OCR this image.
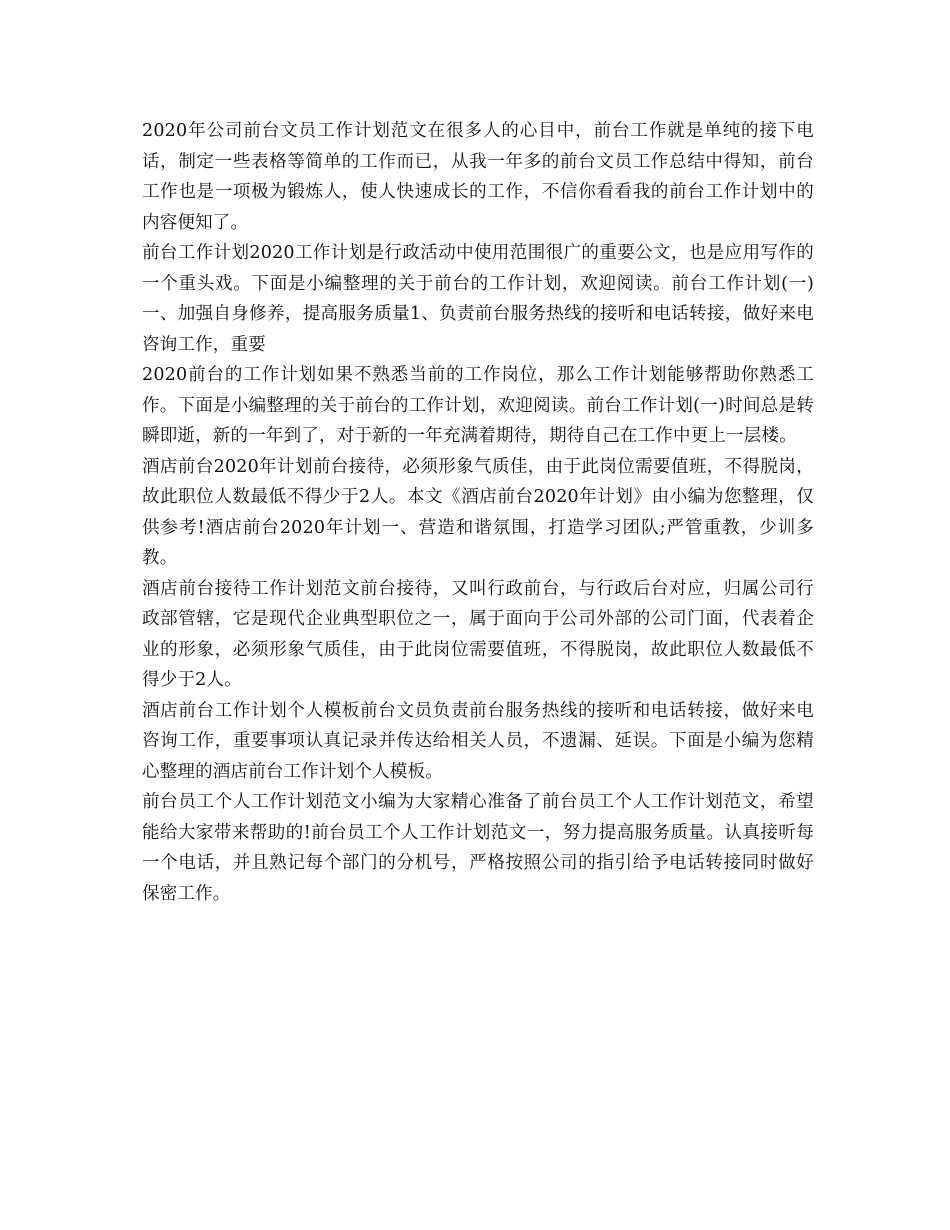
2020年公司前台文员工作计划范文在很多人的心目中，前台工作就是单纯的接下电话，制定一些表格等简单的工作而已，从我一年多的前台文员工作总结中得知，前台工作也是一项极为锻炼人，使人快速成长的工作，不信你看看我的前台工作计划中的内容便知了。

前台工作计划2020工作计划是行政活动中使用范围很广的重要公文，也是应用写作的一个重头戏。下面是小编整理的关于前台的工作计划，欢迎阅读。前台工作计划(一)一、加强自身修养，提高服务质量1、负责前台服务热线的接听和电话转接，做好来电咨询工作，重要

2020前台的工作计划如果不熟悉当前的工作岗位，那么工作计划能够帮助你熟悉工作。下面是小编整理的关于前台的工作计划，欢迎阅读。前台工作计划(一)时间总是转瞬即逝，新的一年到了，对于新的一年充满着期待，期待自己在工作中更上一层楼。

酒店前台2020年计划前台接待，必须形象气质佳，由于此岗位需要值班，不得脱岗，故此职位人数最低不得少于2人。本文《酒店前台2020年计划》由小编为您整理，仅供参考!酒店前台2020年计划一、营造和谐氛围，打造学习团队;严管重教，少训多教。

酒店前台接待工作计划范文前台接待，又叫行政前台，与行政后台对应，归属公司行政部管辖，它是现代企业典型职位之一，属于面向于公司外部的公司门面，代表着企业的形象，必须形象气质佳，由于此岗位需要值班，不得脱岗，故此职位人数最低不得少于2人。

酒店前台工作计划个人模板前台文员负责前台服务热线的接听和电话转接，做好来电咨询工作，重要事项认真记录并传达给相关人员，不遗漏、延误。下面是小编为您精心整理的酒店前台工作计划个人模板。

前台员工个人工作计划范文小编为大家精心准备了前台员工个人工作计划范文，希望能给大家带来帮助的!前台员工个人工作计划范文一，努力提高服务质量。认真接听每一个电话，并且熟记每个部门的分机号，严格按照公司的指引给予电话转接同时做好保密工作。
